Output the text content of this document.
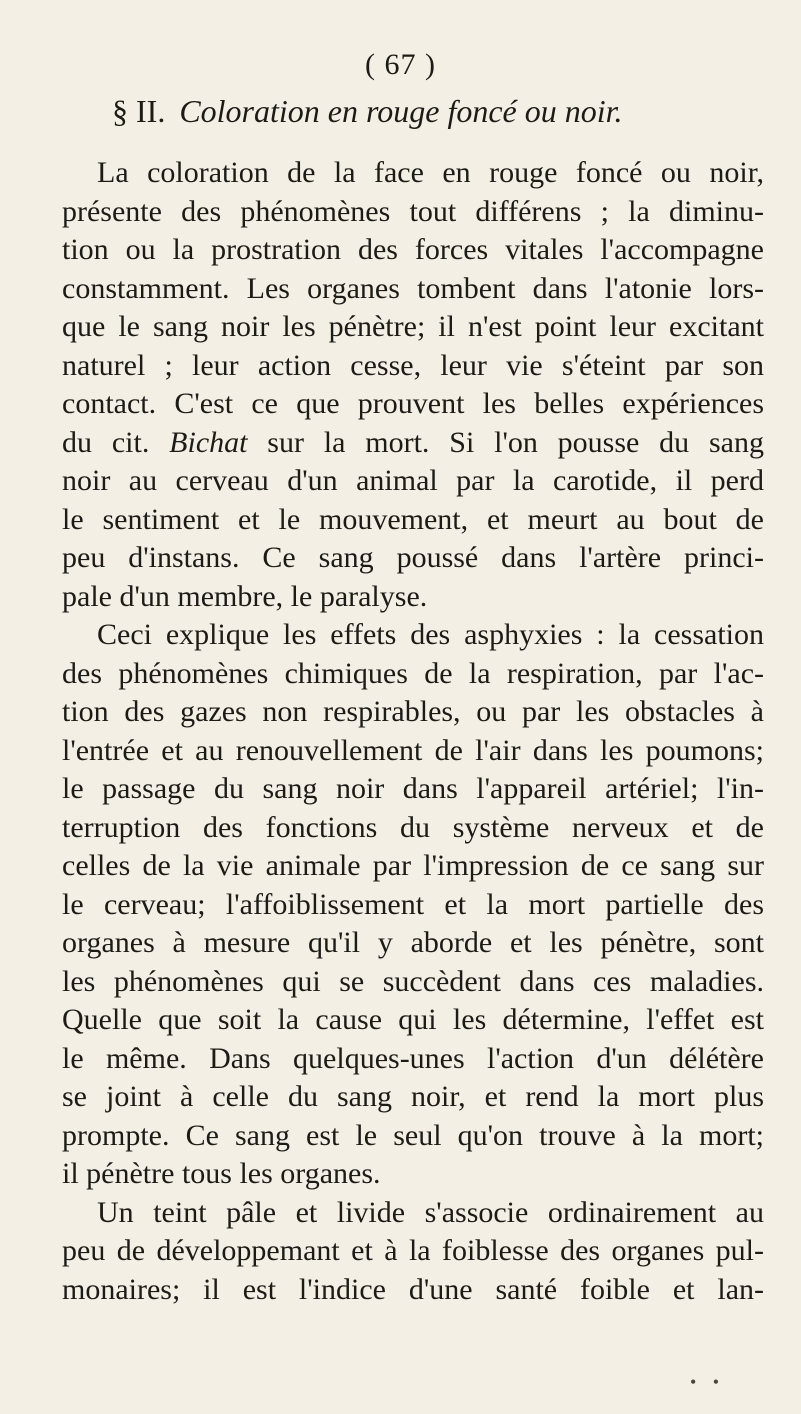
( 67 )
§ II. Coloration en rouge foncé ou noir.
La coloration de la face en rouge foncé ou noir,
présente des phénomènes tout différens ; la diminu-
tion ou la prostration des forces vitales l'accompagne
constamment. Les organes tombent dans l'atonie lors-
que le sang noir les pénètre; il n'est point leur excitant
naturel ; leur action cesse, leur vie s'éteint par son
contact. C'est ce que prouvent les belles expériences
du cit. Bichat sur la mort. Si l'on pousse du sang
noir au cerveau d'un animal par la carotide, il perd
le sentiment et le mouvement, et meurt au bout de
peu d'instans. Ce sang poussé dans l'artère princi-
pale d'un membre, le paralyse.
Ceci explique les effets des asphyxies : la cessation
des phénomènes chimiques de la respiration, par l'ac-
tion des gazes non respirables, ou par les obstacles à
l'entrée et au renouvellement de l'air dans les poumons;
le passage du sang noir dans l'appareil artériel; l'in-
terruption des fonctions du système nerveux et de
celles de la vie animale par l'impression de ce sang sur
le cerveau; l'affoiblissement et la mort partielle des
organes à mesure qu'il y aborde et les pénètre, sont
les phénomènes qui se succèdent dans ces maladies.
Quelle que soit la cause qui les détermine, l'effet est
le même. Dans quelques-unes l'action d'un délétère
se joint à celle du sang noir, et rend la mort plus
prompte. Ce sang est le seul qu'on trouve à la mort;
il pénètre tous les organes.
Un teint pâle et livide s'associe ordinairement au
peu de développemant et à la foiblesse des organes pul-
monaires; il est l'indice d'une santé foible et lan-
• •
